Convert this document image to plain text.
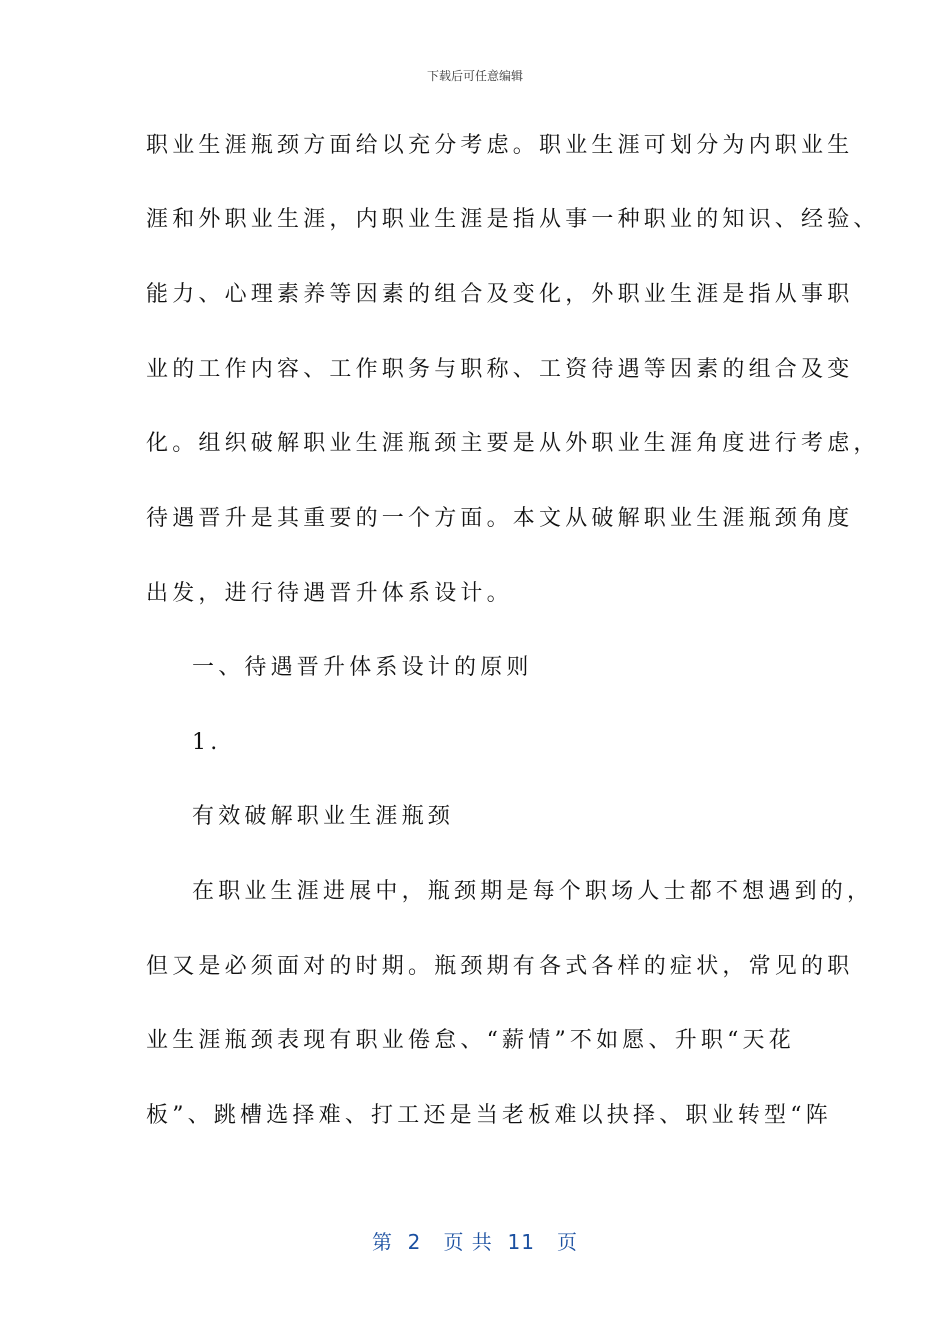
下载后可任意编辑
职业生涯瓶颈方面给以充分考虑。职业生涯可划分为内职业生
涯和外职业生涯，内职业生涯是指从事一种职业的知识、经验、
能力、心理素养等因素的组合及变化，外职业生涯是指从事职
业的工作内容、工作职务与职称、工资待遇等因素的组合及变
化。组织破解职业生涯瓶颈主要是从外职业生涯角度进行考虑，
待遇晋升是其重要的一个方面。本文从破解职业生涯瓶颈角度
出发，进行待遇晋升体系设计。
一、待遇晋升体系设计的原则
1.
有效破解职业生涯瓶颈
在职业生涯进展中，瓶颈期是每个职场人士都不想遇到的，
但又是必须面对的时期。瓶颈期有各式各样的症状，常见的职
业生涯瓶颈表现有职业倦怠、“薪情”不如愿、升职“天花
板”、跳槽选择难、打工还是当老板难以抉择、职业转型“阵
第  2   页 共  11   页
